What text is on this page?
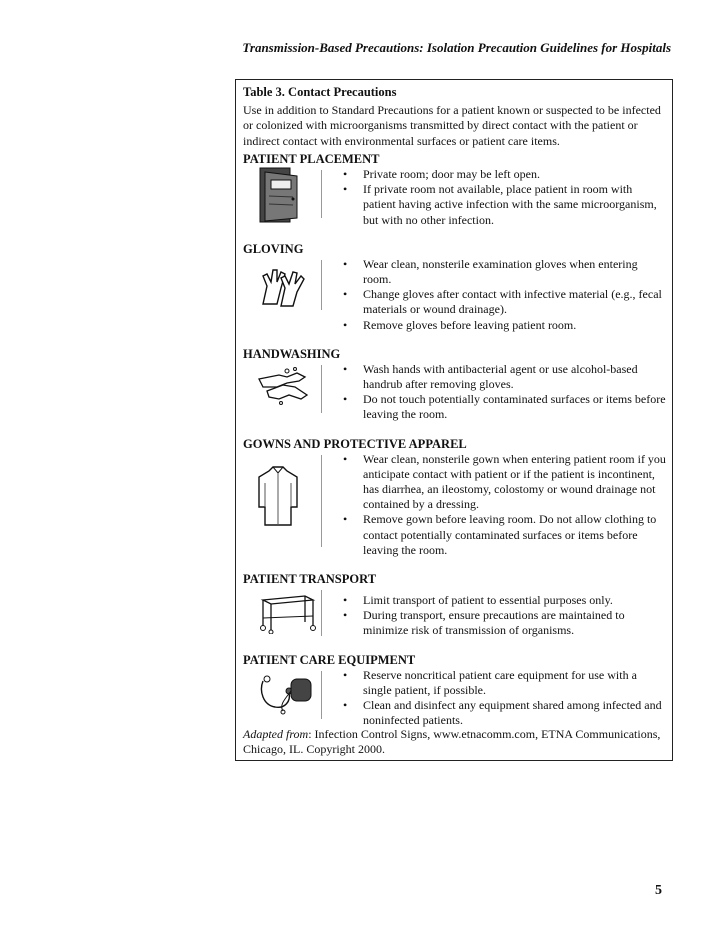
Transmission-Based Precautions: Isolation Precaution Guidelines for Hospitals
Table 3. Contact Precautions
Use in addition to Standard Precautions for a patient known or suspected to be infected or colonized with microorganisms transmitted by direct contact with the patient or indirect contact with environmental surfaces or patient care items.
PATIENT PLACEMENT
• Private room; door may be left open.
• If private room not available, place patient in room with patient having active infection with the same microorganism, but with no other infection.
GLOVING
• Wear clean, nonsterile examination gloves when entering room.
• Change gloves after contact with infective material (e.g., fecal materials or wound drainage).
• Remove gloves before leaving patient room.
HANDWASHING
• Wash hands with antibacterial agent or use alcohol-based handrub after removing gloves.
• Do not touch potentially contaminated surfaces or items before leaving the room.
GOWNS AND PROTECTIVE APPAREL
• Wear clean, nonsterile gown when entering patient room if you anticipate contact with patient or if the patient is incontinent, has diarrhea, an ileostomy, colostomy or wound drainage not contained by a dressing.
• Remove gown before leaving room. Do not allow clothing to contact potentially contaminated surfaces or items before leaving the room.
PATIENT TRANSPORT
• Limit transport of patient to essential purposes only.
• During transport, ensure precautions are maintained to minimize risk of transmission of organisms.
PATIENT CARE EQUIPMENT
• Reserve noncritical patient care equipment for use with a single patient, if possible.
• Clean and disinfect any equipment shared among infected and noninfected patients.
Adapted from: Infection Control Signs, www.etnacomm.com, ETNA Communications, Chicago, IL. Copyright 2000.
5
